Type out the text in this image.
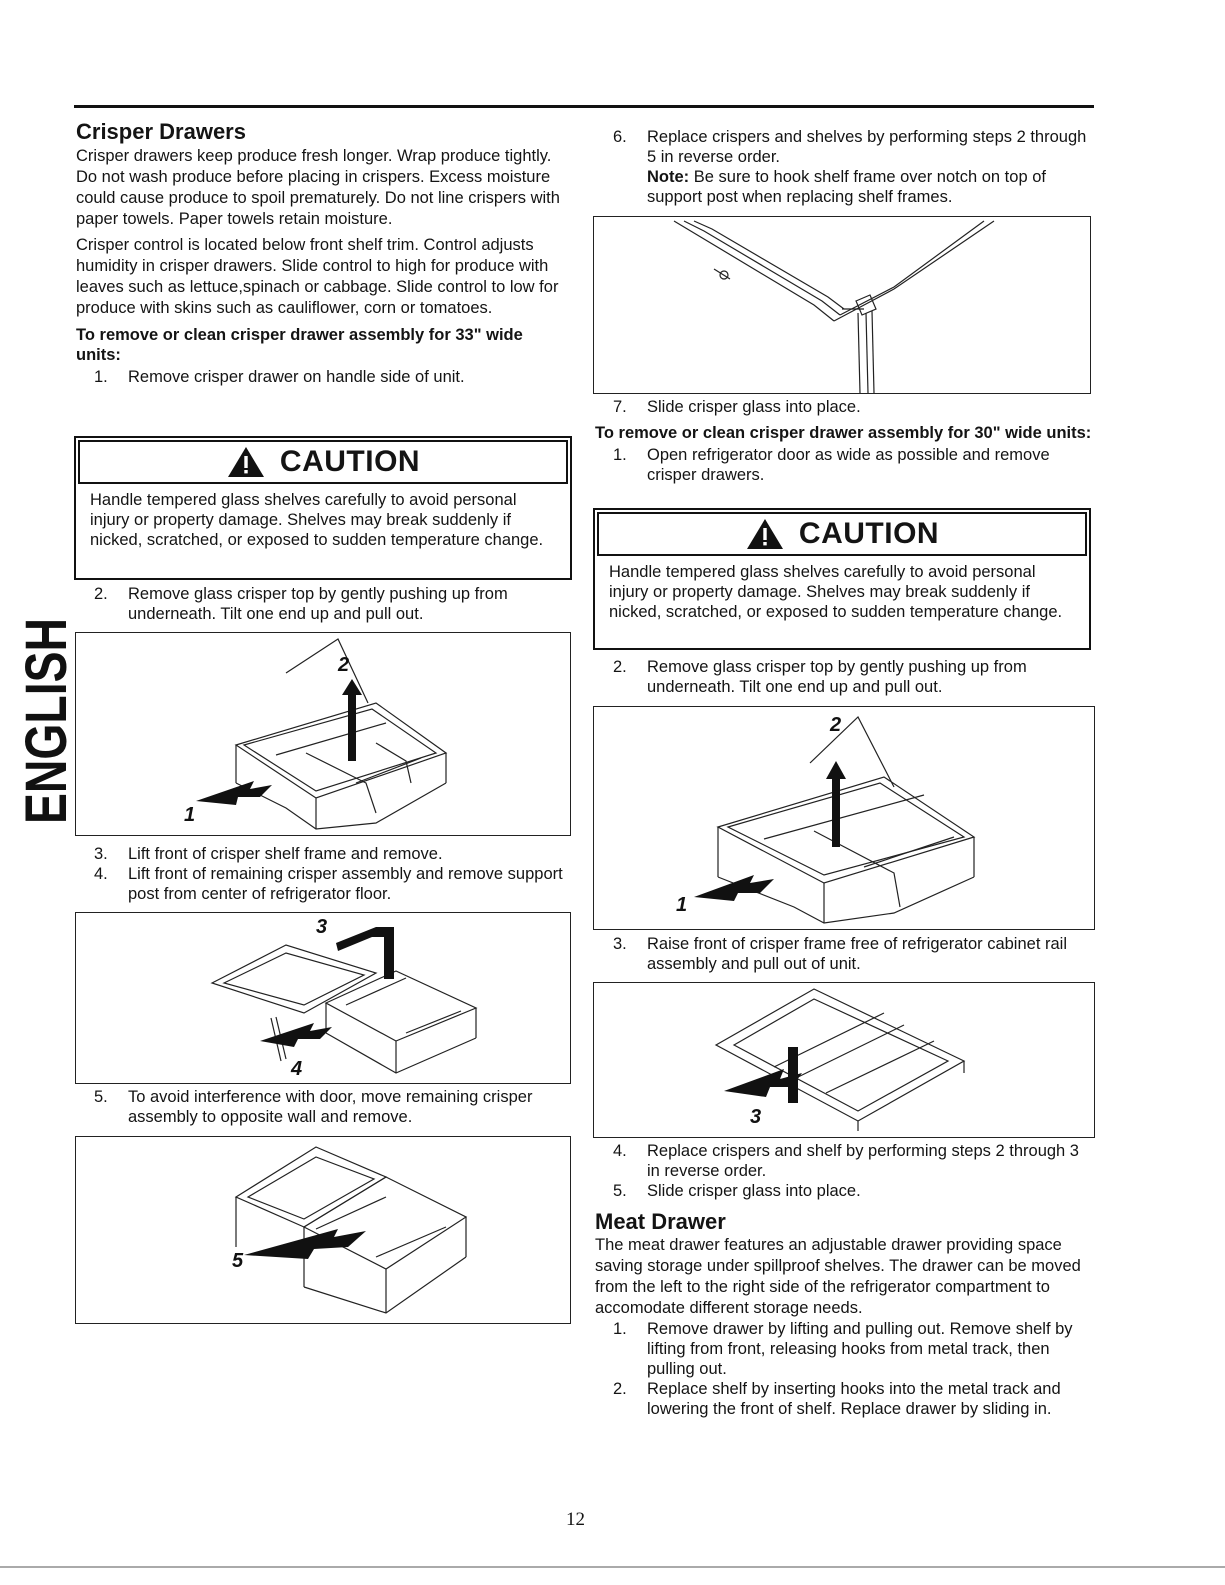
ENGLISH
Crisper Drawers

Crisper drawers keep produce fresh longer. Wrap produce tightly. Do not wash produce before placing in crispers. Excess moisture could cause produce to spoil prematurely. Do not line crispers with paper towels. Paper towels retain moisture.

Crisper control is located below front shelf trim. Control adjusts humidity in crisper drawers. Slide control to high for produce with leaves such as lettuce,spinach or cabbage. Slide control to low for produce with skins such as cauliflower, corn or tomatoes.

To remove or clean crisper drawer assembly for 33" wide units:

1. Remove crisper drawer on handle side of unit.

CAUTION
Handle tempered glass shelves carefully to avoid personal injury or property damage. Shelves may break suddenly if nicked, scratched, or exposed to sudden temperature change.

2. Remove glass crisper top by gently pushing up from underneath. Tilt one end up and pull out.

2
1

3. Lift front of crisper shelf frame and remove.

4. Lift front of remaining crisper assembly and remove support post from center of refrigerator floor.

3
4

5. To avoid interference with door, move remaining crisper assembly to opposite wall and remove.

5

6. Replace crispers and shelves by performing steps 2 through 5 in reverse order.

Note: Be sure to hook shelf frame over notch on top of support post when replacing shelf frames.

7. Slide crisper glass into place.

To remove or clean crisper drawer assembly for 30" wide units:

1. Open refrigerator door as wide as possible and remove crisper drawers.

CAUTION
Handle tempered glass shelves carefully to avoid personal injury or property damage. Shelves may break suddenly if nicked, scratched, or exposed to sudden temperature change.

2. Remove glass crisper top by gently pushing up from underneath. Tilt one end up and pull out.

2
1

3. Raise front of crisper frame free of refrigerator cabinet rail assembly and pull out of unit.

3

4. Replace crispers and shelf by performing steps 2 through 3 in reverse order.

5. Slide crisper glass into place.

Meat Drawer

The meat drawer features an adjustable drawer providing space saving storage under spillproof shelves. The drawer can be moved from the left to the right side of the refrigerator compartment to accomodate different storage needs.

1. Remove drawer by lifting and pulling out. Remove shelf by lifting from front, releasing hooks from metal track, then pulling out.

2. Replace shelf by inserting hooks into the metal track and lowering the front of shelf. Replace drawer by sliding in.

12
